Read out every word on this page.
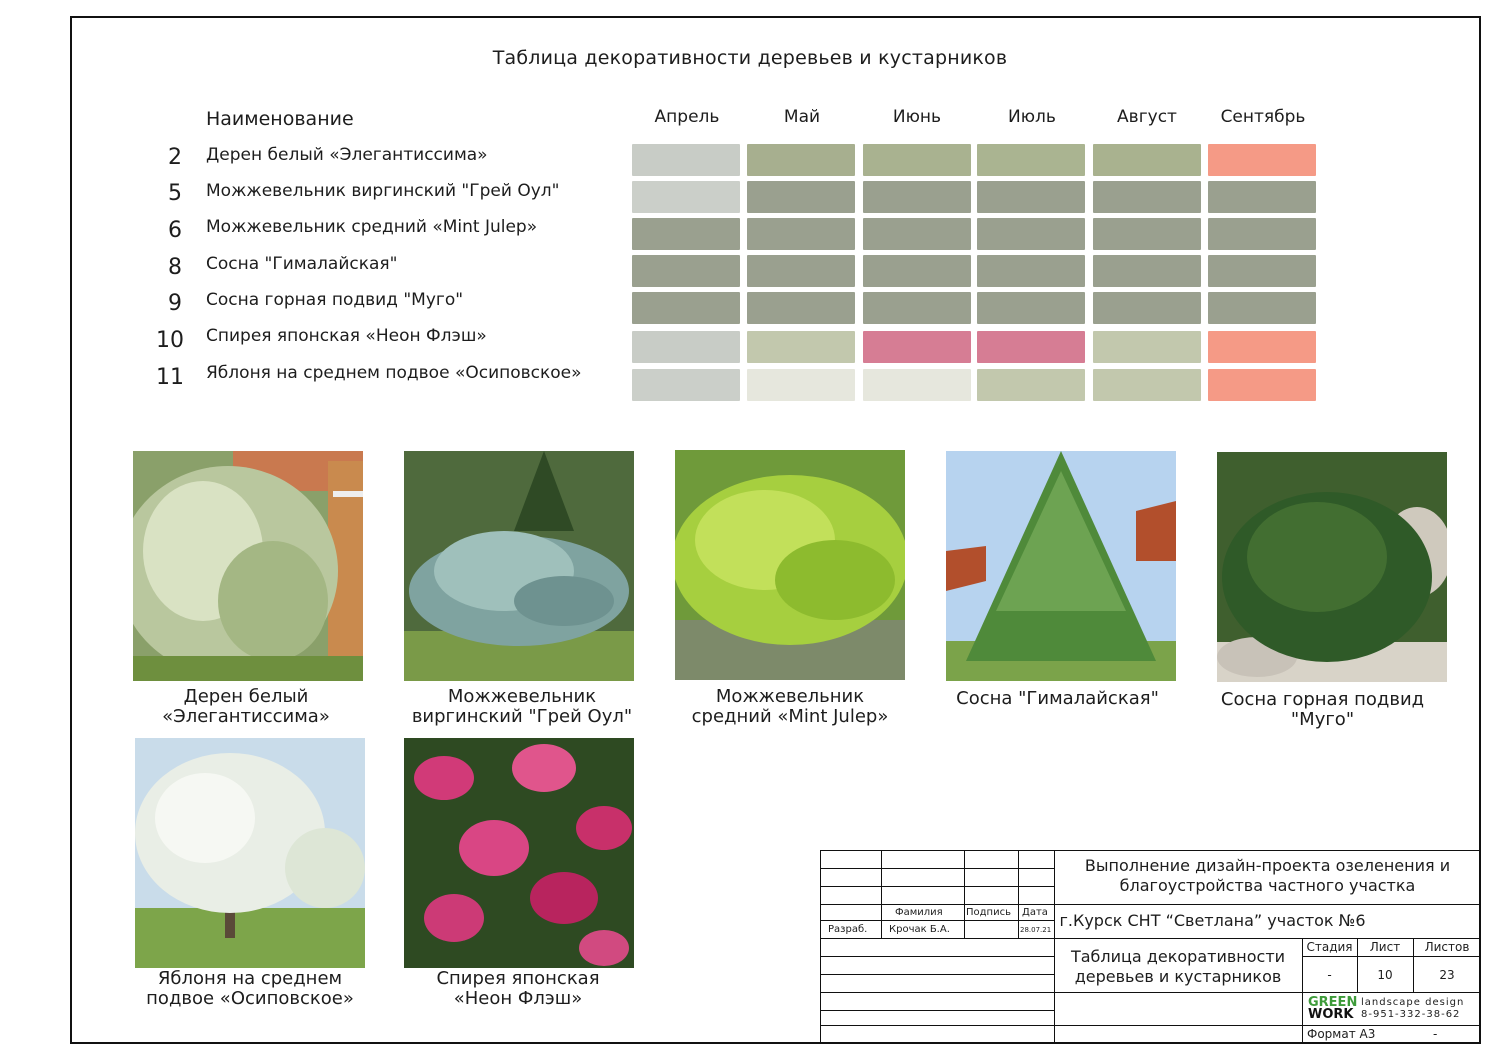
Таблица декоративности деревьев и кустарников
Наименование	Апрель	Май	Июнь	Июль	Август	Сентябрь
2	Дерен белый «Элегантиссима»
5	Можжевельник виргинский "Грей Оул"
6	Можжевельник средний «Mint Julep»
8	Сосна "Гималайская"
9	Сосна горная подвид "Муго"
10	Спирея японская «Неон Флэш»
11	Яблоня на среднем подвое «Осиповское»
Дерен белый
«Элегантиссима»
Можжевельник
виргинский "Грей Оул"
Можжевельник
средний «Mint Julep»
Сосна "Гималайская"	Сосна горная подвид
"Муго"
Яблоня на среднем
подвое «Осиповское»
Спирея японская
«Неон Флэш»
Фамилия Подпись Дата
Разраб. Крочак Б.А.	28.07.21
Выполнение дизайн-проекта озеленения и
благоустройства частного участка
г.Курск СНТ “Светлана” участок №6
Таблица декоративности
деревьев и кустарников
Стадия	Лист	Листов
-	10	23
GREEN
WORK
landscape design
8-951-332-38-62
Формат А3	-
